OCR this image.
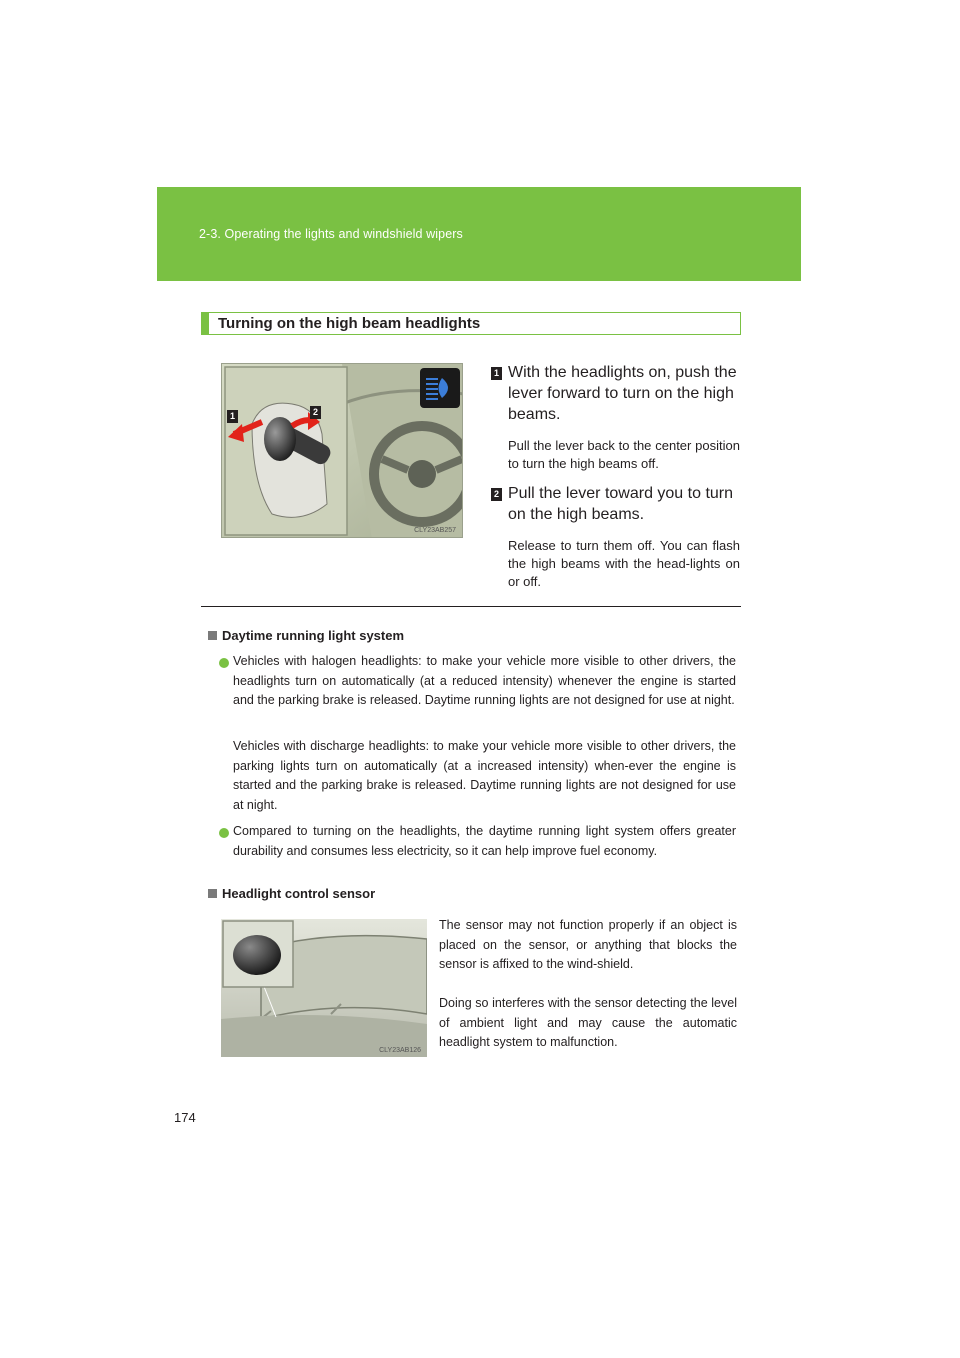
2-3. Operating the lights and windshield wipers
Turning on the high beam headlights
1	2
CLY23AB257
1 With the headlights on, push the lever forward to turn on the high beams.
Pull the lever back to the center position to turn the high beams off.
2 Pull the lever toward you to turn on the high beams.
Release to turn them off. You can flash the high beams with the head-lights on or off.
Daytime running light system
Vehicles with halogen headlights: to make your vehicle more visible to other drivers, the headlights turn on automatically (at a reduced intensity) whenever the engine is started and the parking brake is released. Daytime running lights are not designed for use at night.
Vehicles with discharge headlights: to make your vehicle more visible to other drivers, the parking lights turn on automatically (at a increased intensity) when-ever the engine is started and the parking brake is released. Daytime running lights are not designed for use at night.
Compared to turning on the headlights, the daytime running light system offers greater durability and consumes less electricity, so it can help improve fuel economy.
Headlight control sensor
CLY23AB126
The sensor may not function properly if an object is placed on the sensor, or anything that blocks the sensor is affixed to the wind-shield.
Doing so interferes with the sensor detecting the level of ambient light and may cause the automatic headlight system to malfunction.
174
